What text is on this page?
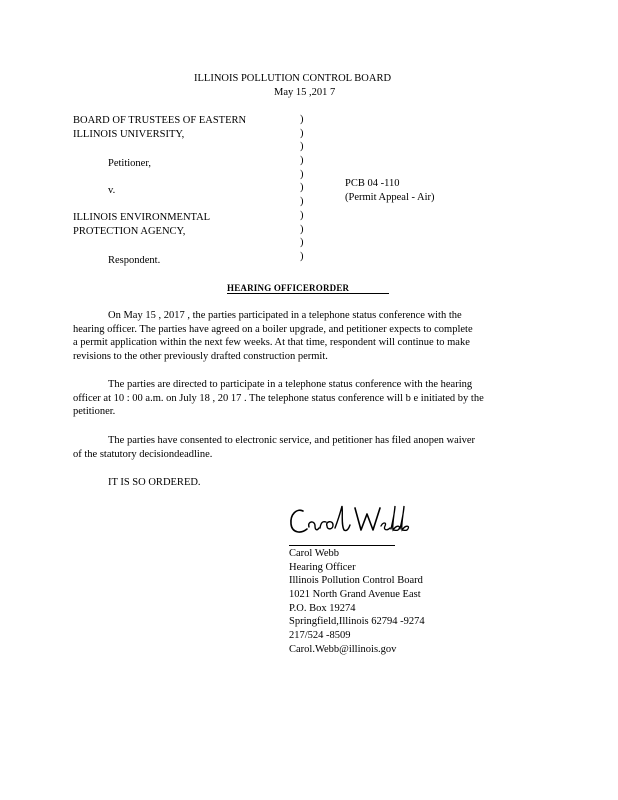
ILLINOIS POLLUTION CONTROL BOARD
May 15 ,201 7
BOARD OF TRUSTEES OF EASTERN
ILLINOIS UNIVERSITY,
Petitioner,
v.
ILLINOIS ENVIRONMENTAL
PROTECTION AGENCY,
Respondent.
)
)
)
)
)
)
)
)
)
)
)
PCB 04 -110
(Permit Appeal - Air)
HEARING OFFICERORDER
On May 15 , 2017 , the parties participated in a telephone status conference with the
hearing officer. The parties have agreed on a boiler upgrade, and petitioner expects to complete
a permit application within the next few weeks. At that time, respondent will continue to make
revisions to the other previously drafted construction permit.
The parties are directed to participate in a telephone status conference with the hearing
officer at 10 : 00 a.m. on July 18 , 20 17 . The telephone status conference will b e initiated by the
petitioner.
The parties have consented to electronic service, and petitioner has filed anopen waiver
of the statutory decisiondeadline.
IT IS SO ORDERED.
Carol Webb
Hearing Officer
Illinois Pollution Control Board
1021 North Grand Avenue East
P.O. Box 19274
Springfield,Illinois 62794 -9274
217/524 -8509
Carol.Webb@illinois.gov
